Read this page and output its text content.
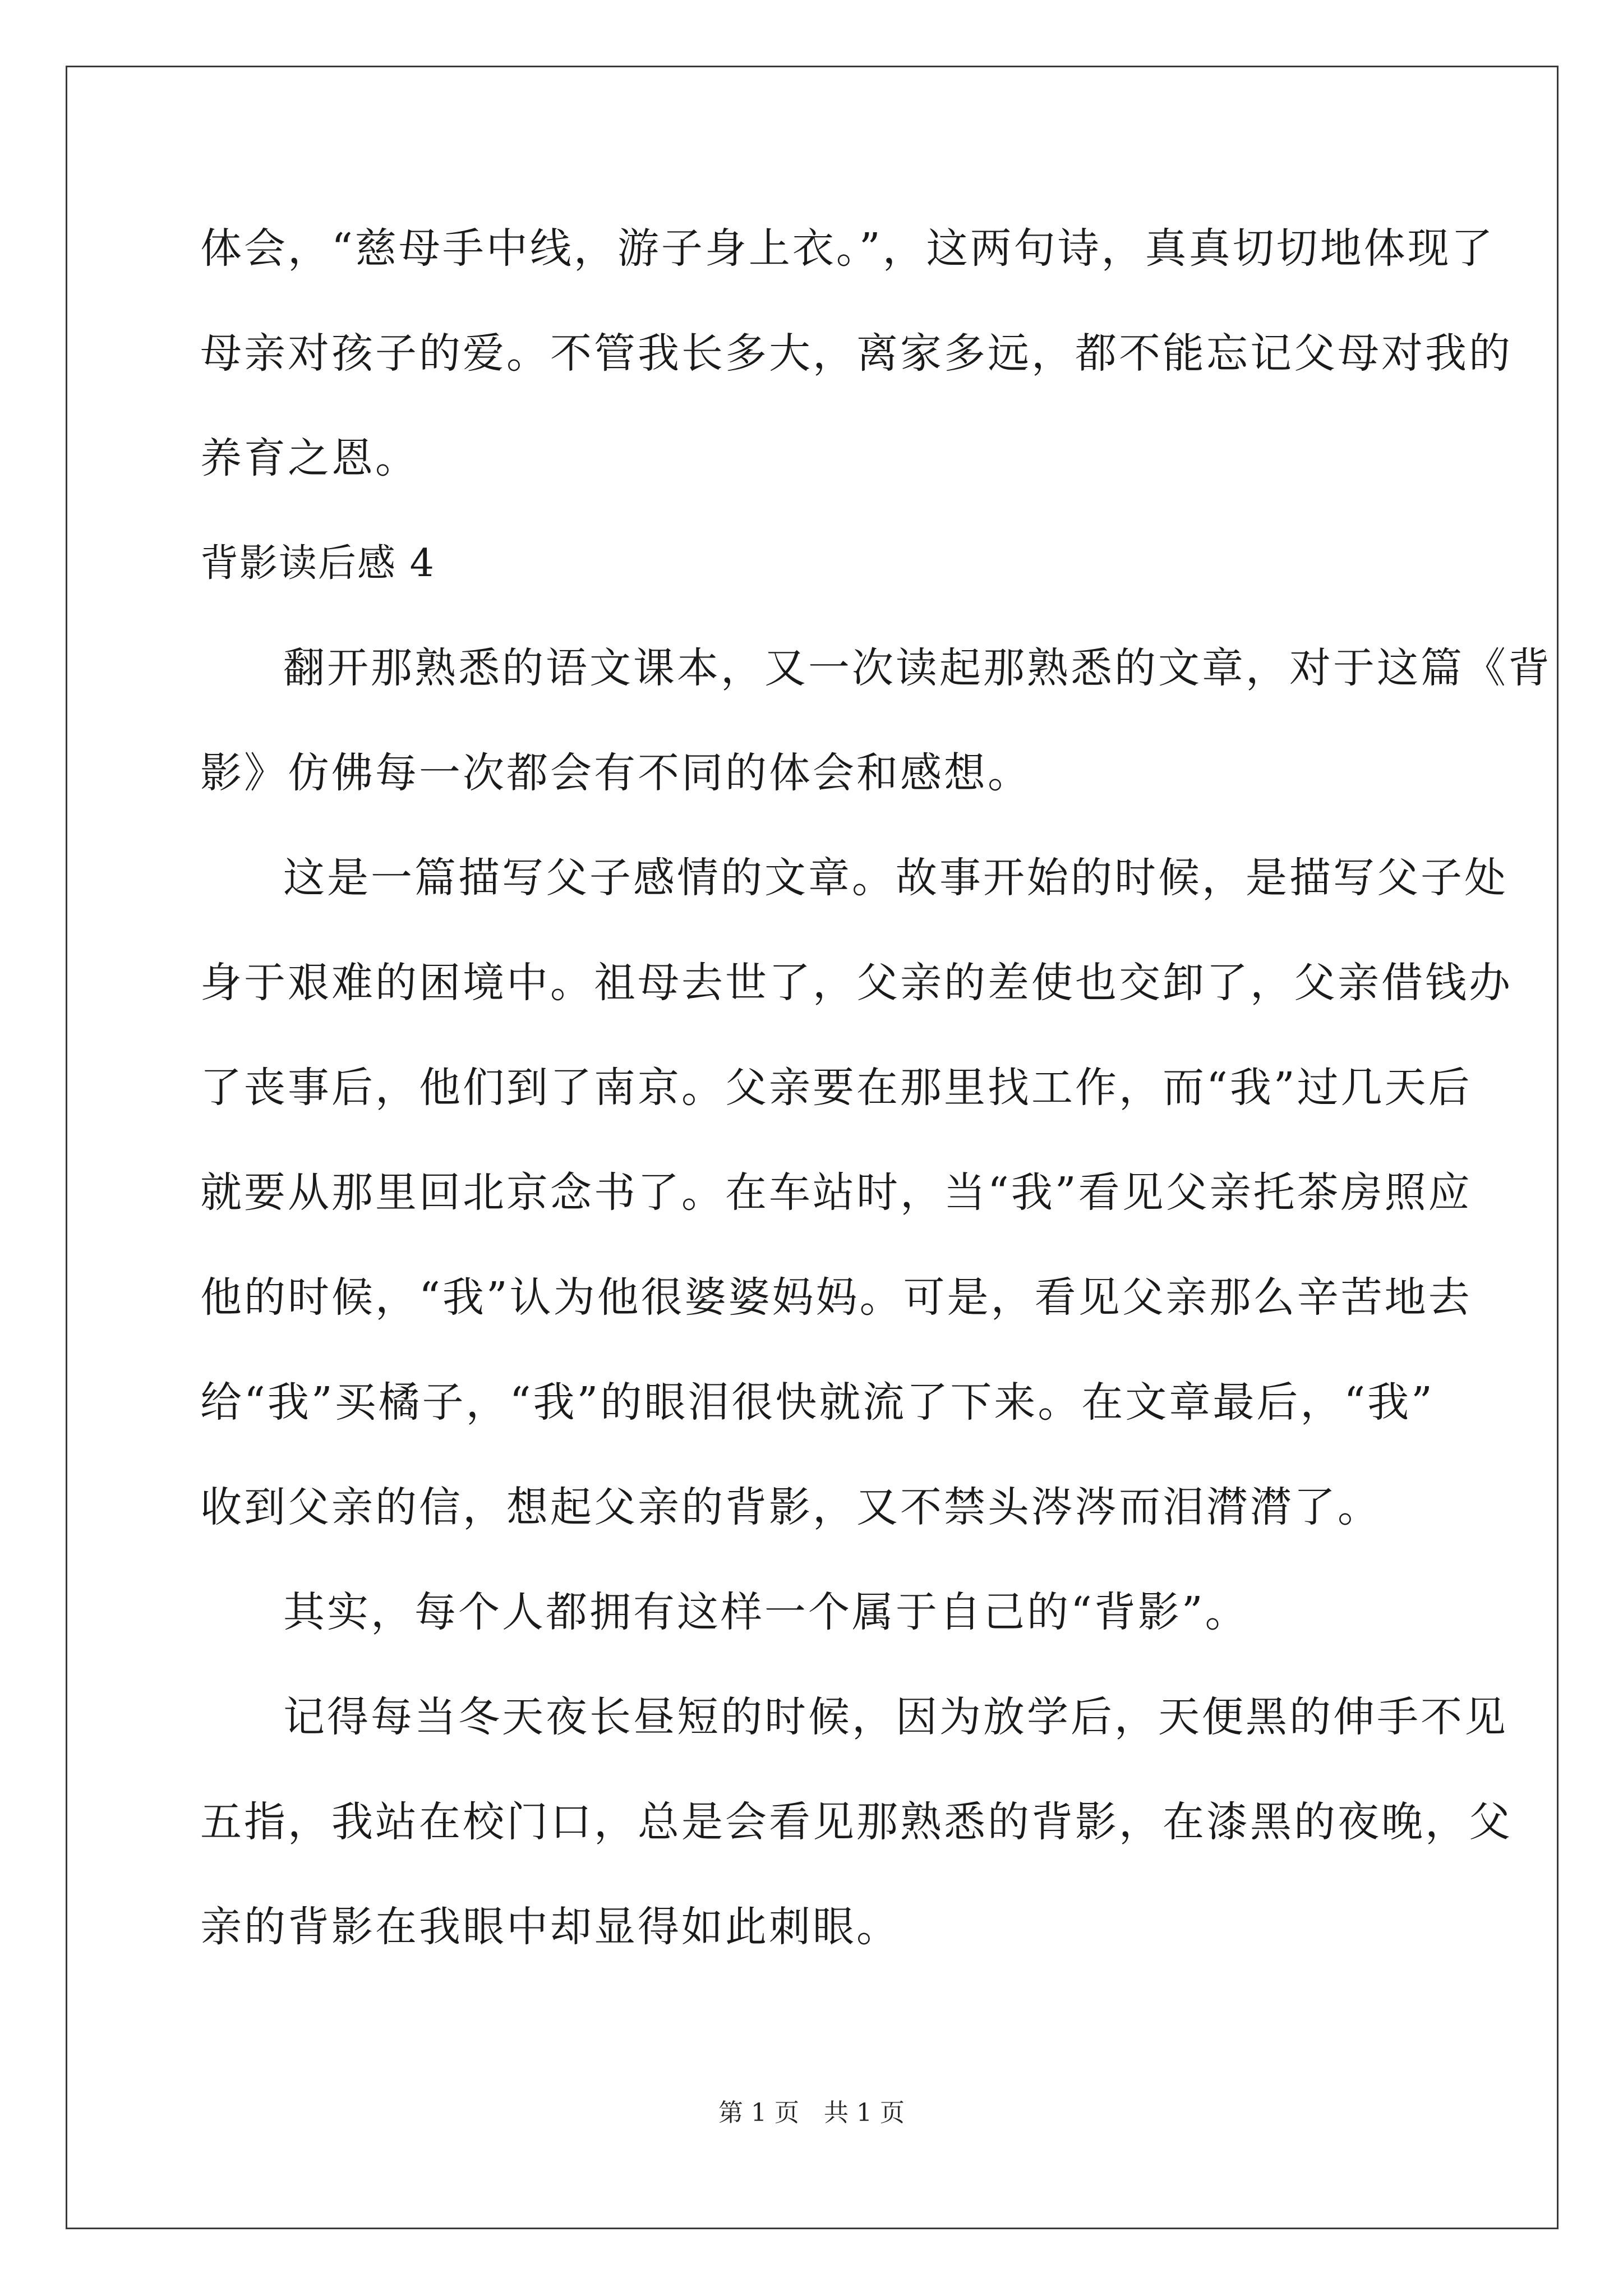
体会，“慈母手中线，游子身上衣。”，这两句诗，真真切切地体现了
母亲对孩子的爱。不管我长多大，离家多远，都不能忘记父母对我的
养育之恩。
背影读后感 4
翻开那熟悉的语文课本，又一次读起那熟悉的文章，对于这篇《背
影》仿佛每一次都会有不同的体会和感想。
这是一篇描写父子感情的文章。故事开始的时候，是描写父子处
身于艰难的困境中。祖母去世了，父亲的差使也交卸了，父亲借钱办
了丧事后，他们到了南京。父亲要在那里找工作，而“我”过几天后
就要从那里回北京念书了。在车站时，当“我”看见父亲托茶房照应
他的时候，“我”认为他很婆婆妈妈。可是，看见父亲那么辛苦地去
给“我”买橘子，“我”的眼泪很快就流了下来。在文章最后，“我”
收到父亲的信，想起父亲的背影，又不禁头涔涔而泪潸潸了。
其实，每个人都拥有这样一个属于自己的“背影”。
记得每当冬天夜长昼短的时候，因为放学后，天便黑的伸手不见
五指，我站在校门口，总是会看见那熟悉的背影，在漆黑的夜晚，父
亲的背影在我眼中却显得如此刺眼。
第 1 页 共 1 页
